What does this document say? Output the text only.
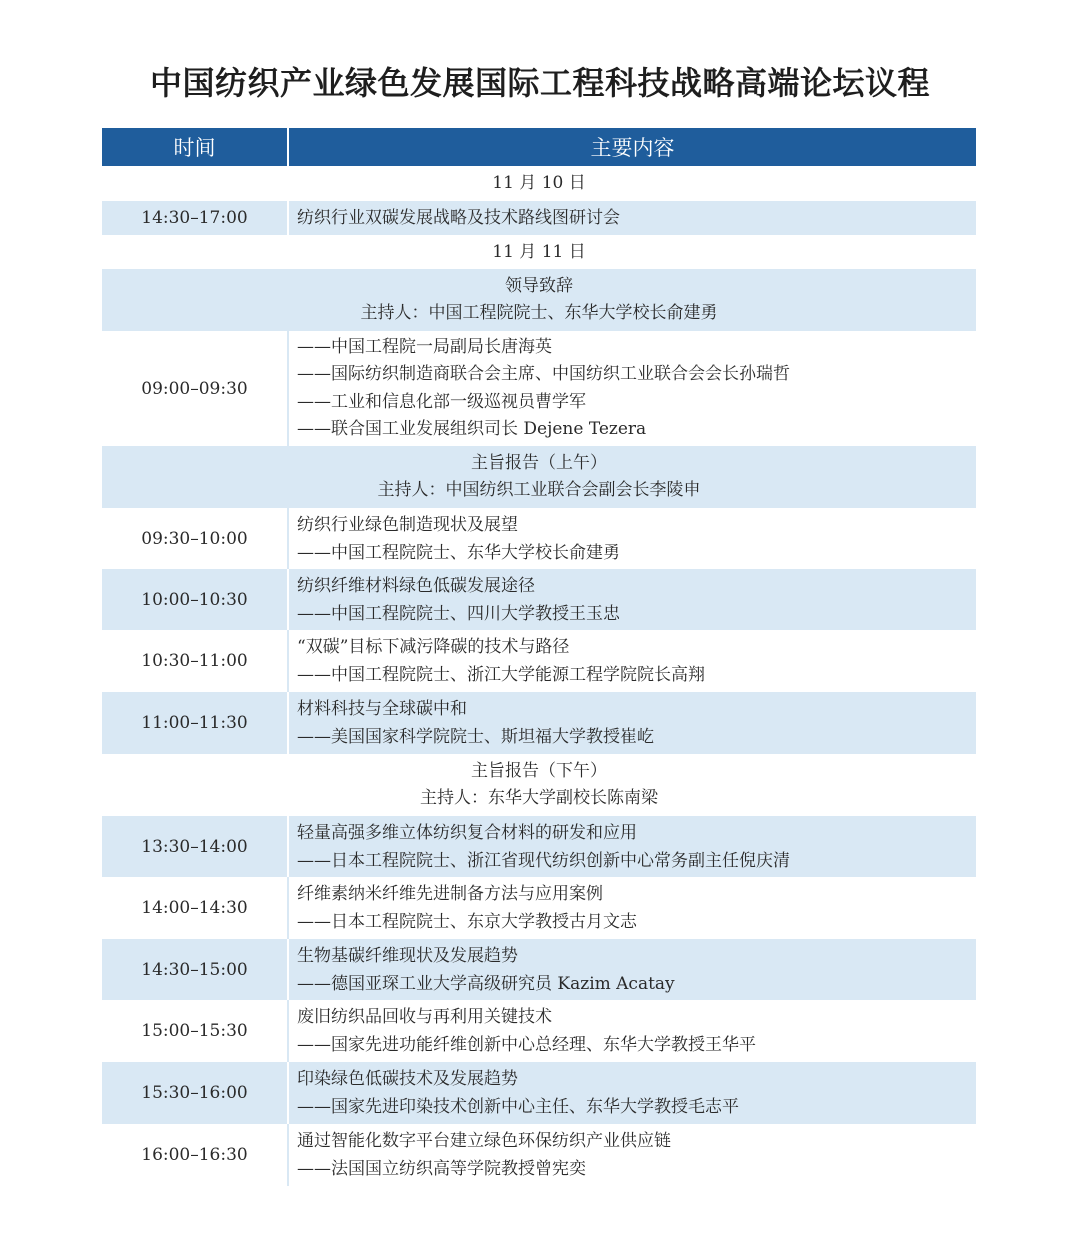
中国纺织产业绿色发展国际工程科技战略高端论坛议程
时间	主要内容
11 月 10 日
14:30–17:00	纺织行业双碳发展战略及技术路线图研讨会
11 月 11 日
领导致辞
主持人：中国工程院院士、东华大学校长俞建勇
09:00–09:30
——中国工程院一局副局长唐海英
——国际纺织制造商联合会主席、中国纺织工业联合会会长孙瑞哲
——工业和信息化部一级巡视员曹学军
——联合国工业发展组织司长 Dejene Tezera
主旨报告（上午）
主持人：中国纺织工业联合会副会长李陵申
09:30–10:00
纺织行业绿色制造现状及展望
——中国工程院院士、东华大学校长俞建勇
10:00–10:30
纺织纤维材料绿色低碳发展途径
——中国工程院院士、四川大学教授王玉忠
10:30–11:00
“双碳”目标下减污降碳的技术与路径
——中国工程院院士、浙江大学能源工程学院院长高翔
11:00–11:30
材料科技与全球碳中和
——美国国家科学院院士、斯坦福大学教授崔屹
主旨报告（下午）
主持人：东华大学副校长陈南梁
13:30–14:00
轻量高强多维立体纺织复合材料的研发和应用
——日本工程院院士、浙江省现代纺织创新中心常务副主任倪庆清
14:00–14:30
纤维素纳米纤维先进制备方法与应用案例
——日本工程院院士、东京大学教授古月文志
14:30–15:00
生物基碳纤维现状及发展趋势
——德国亚琛工业大学高级研究员 Kazim Acatay
15:00–15:30
废旧纺织品回收与再利用关键技术
——国家先进功能纤维创新中心总经理、东华大学教授王华平
15:30–16:00
印染绿色低碳技术及发展趋势
——国家先进印染技术创新中心主任、东华大学教授毛志平
16:00–16:30
通过智能化数字平台建立绿色环保纺织产业供应链
——法国国立纺织高等学院教授曾宪奕
